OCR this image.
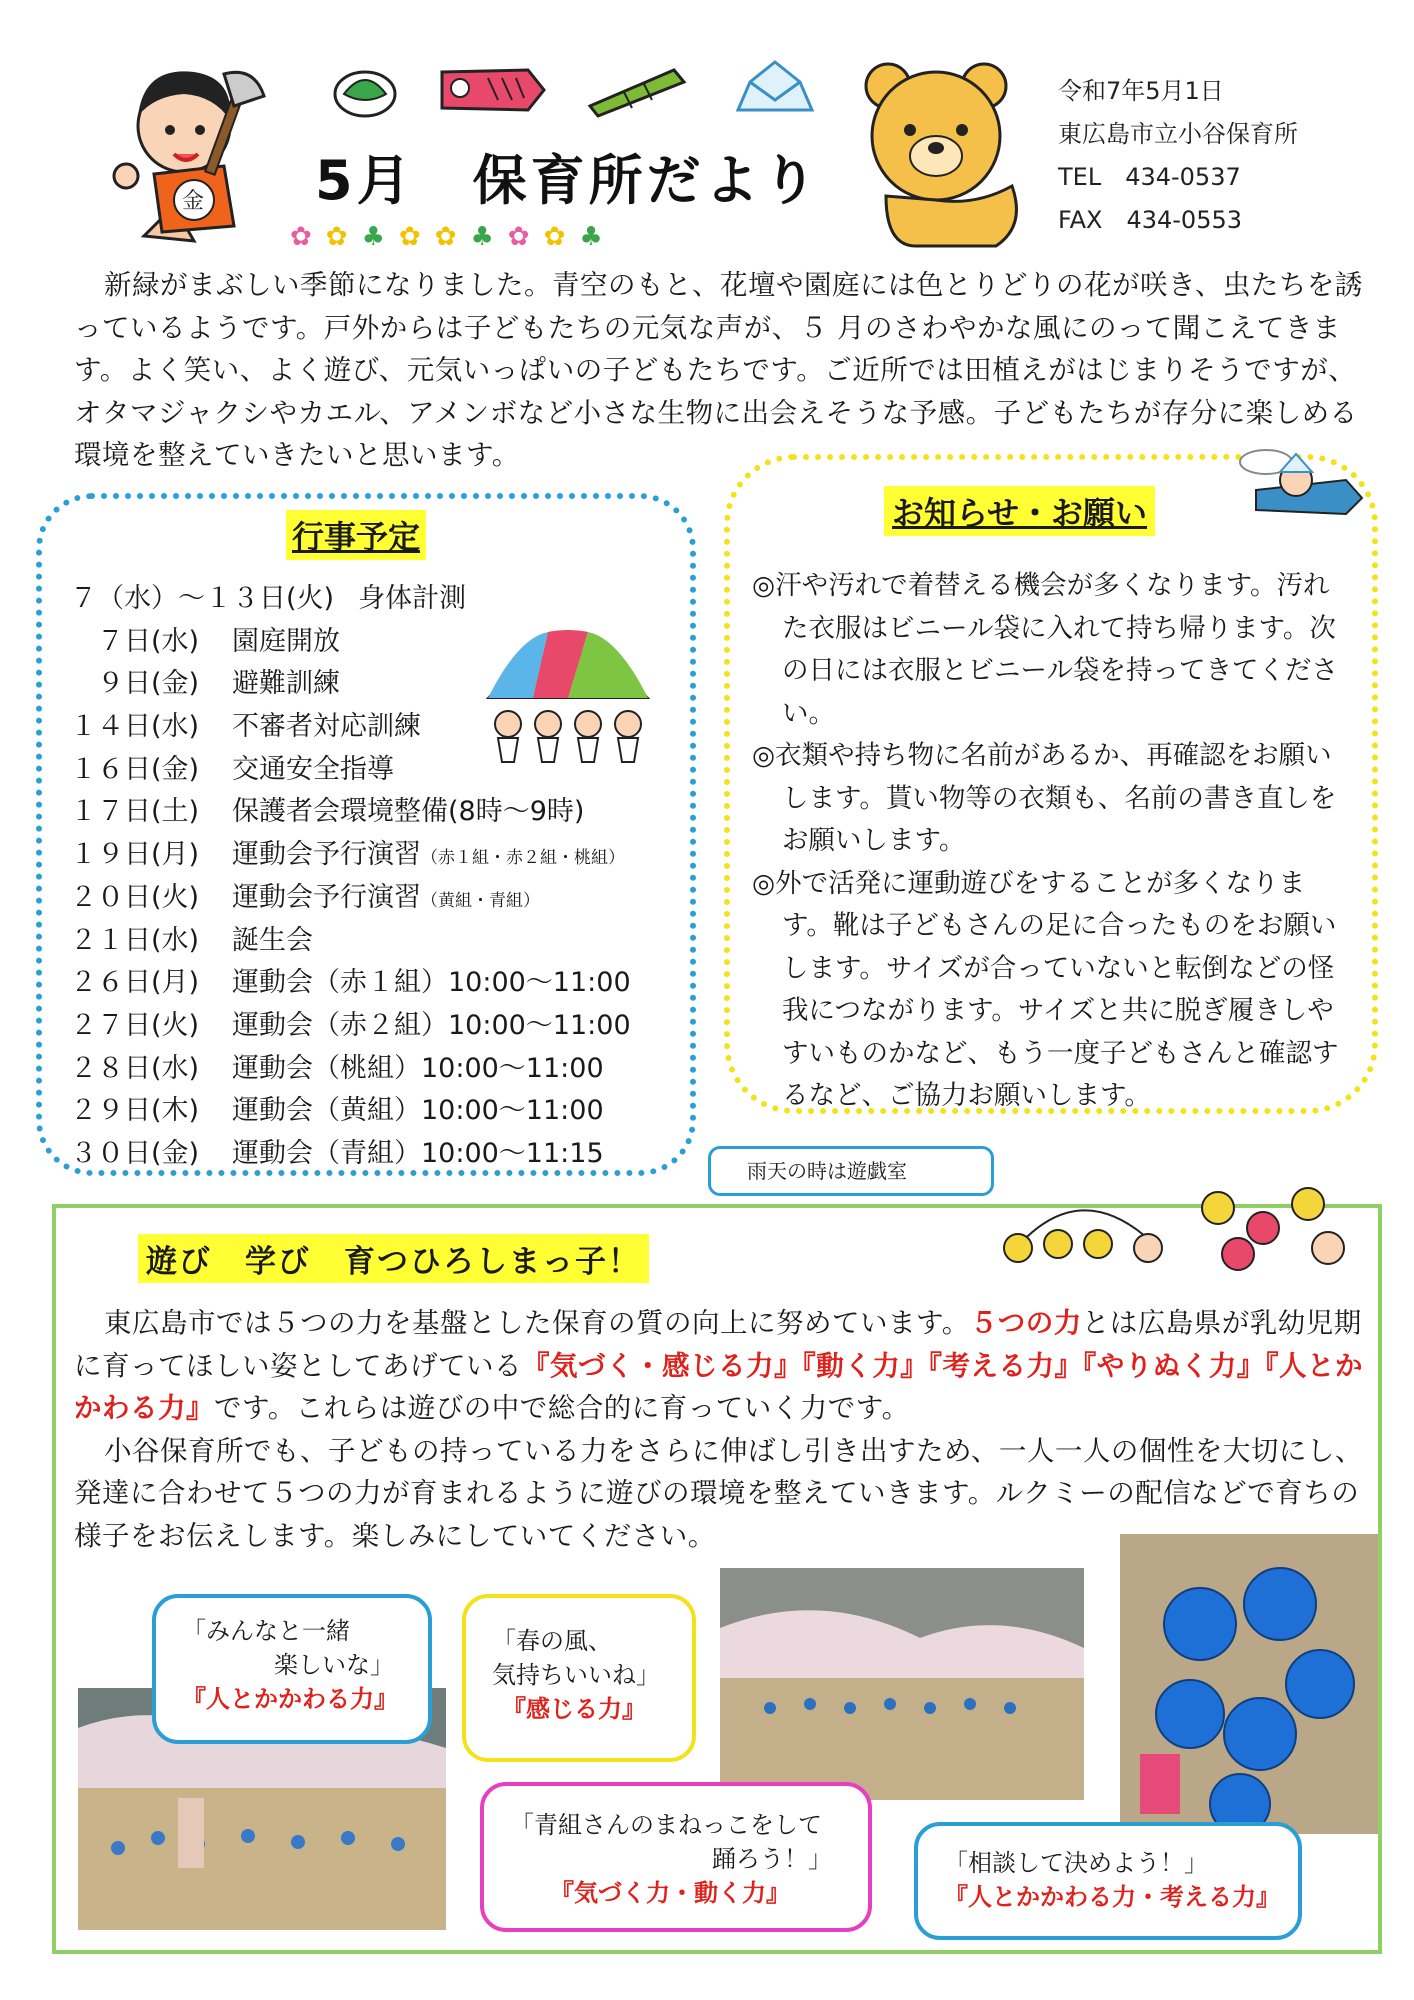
金
✿✿♣✿✿♣✿✿♣
5月　保育所だより
令和7年5月1日
東広島市立小谷保育所
TEL　434-0537
FAX　434-0553
新緑がまぶしい季節になりました。青空のもと、花壇や園庭には色とりどりの花が咲き、虫たちを誘っているようです。戸外からは子どもたちの元気な声が、５ 月のさわやかな風にのって聞こえてきます。よく笑い、よく遊び、元気いっぱいの子どもたちです。ご近所では田植えがはじまりそうですが、オタマジャクシやカエル、アメンボなど小さな生物に出会えそうな予感。子どもたちが存分に楽しめる環境を整えていきたいと思います。
行事予定
７（水）～１３日(火) 身体計測
　７日(水) 園庭開放
　９日(金) 避難訓練
１４日(水) 不審者対応訓練
１６日(金) 交通安全指導
１７日(土) 保護者会環境整備(8時～9時)
１９日(月) 運動会予行演習（赤１組・赤２組・桃組）
２０日(火) 運動会予行演習（黄組・青組）
２１日(水) 誕生会
２６日(月) 運動会（赤１組）10:00～11:00
２７日(火) 運動会（赤２組）10:00～11:00
２８日(水) 運動会（桃組）10:00～11:00
２９日(木) 運動会（黄組）10:00～11:00
３０日(金) 運動会（青組）10:00～11:15
雨天の時は遊戯室
お知らせ・お願い

◎汗や汚れで着替える機会が多くなります。汚れた衣服はビニール袋に入れて持ち帰ります。次の日には衣服とビニール袋を持ってきてください。

◎衣類や持ち物に名前があるか、再確認をお願いします。貰い物等の衣類も、名前の書き直しをお願いします。

◎外で活発に運動遊びをすることが多くなります。靴は子どもさんの足に合ったものをお願いします。サイズが合っていないと転倒などの怪我につながります。サイズと共に脱ぎ履きしやすいものかなど、もう一度子どもさんと確認するなど、ご協力お願いします。

遊び　学び　育つひろしまっ子！

東広島市では５つの力を基盤とした保育の質の向上に努めています。５つの力とは広島県が乳幼児期に育ってほしい姿としてあげている『気づく・感じる力』『動く力』『考える力』『やりぬく力』『人とかかわる力』です。これらは遊びの中で総合的に育っていく力です。

小谷保育所でも、子どもの持っている力をさらに伸ばし引き出すため、一人一人の個性を大切にし、発達に合わせて５つの力が育まれるように遊びの環境を整えていきます。ルクミーの配信などで育ちの様子をお伝えします。楽しみにしていてください。

「みんなと一緒
楽しいな」
『人とかかわる力』
「春の風、
気持ちいいね」
『感じる力』
「青組さんのまねっこをして
踊ろう！」
『気づく力・動く力』
「相談して決めよう！」
『人とかかわる力・考える力』
